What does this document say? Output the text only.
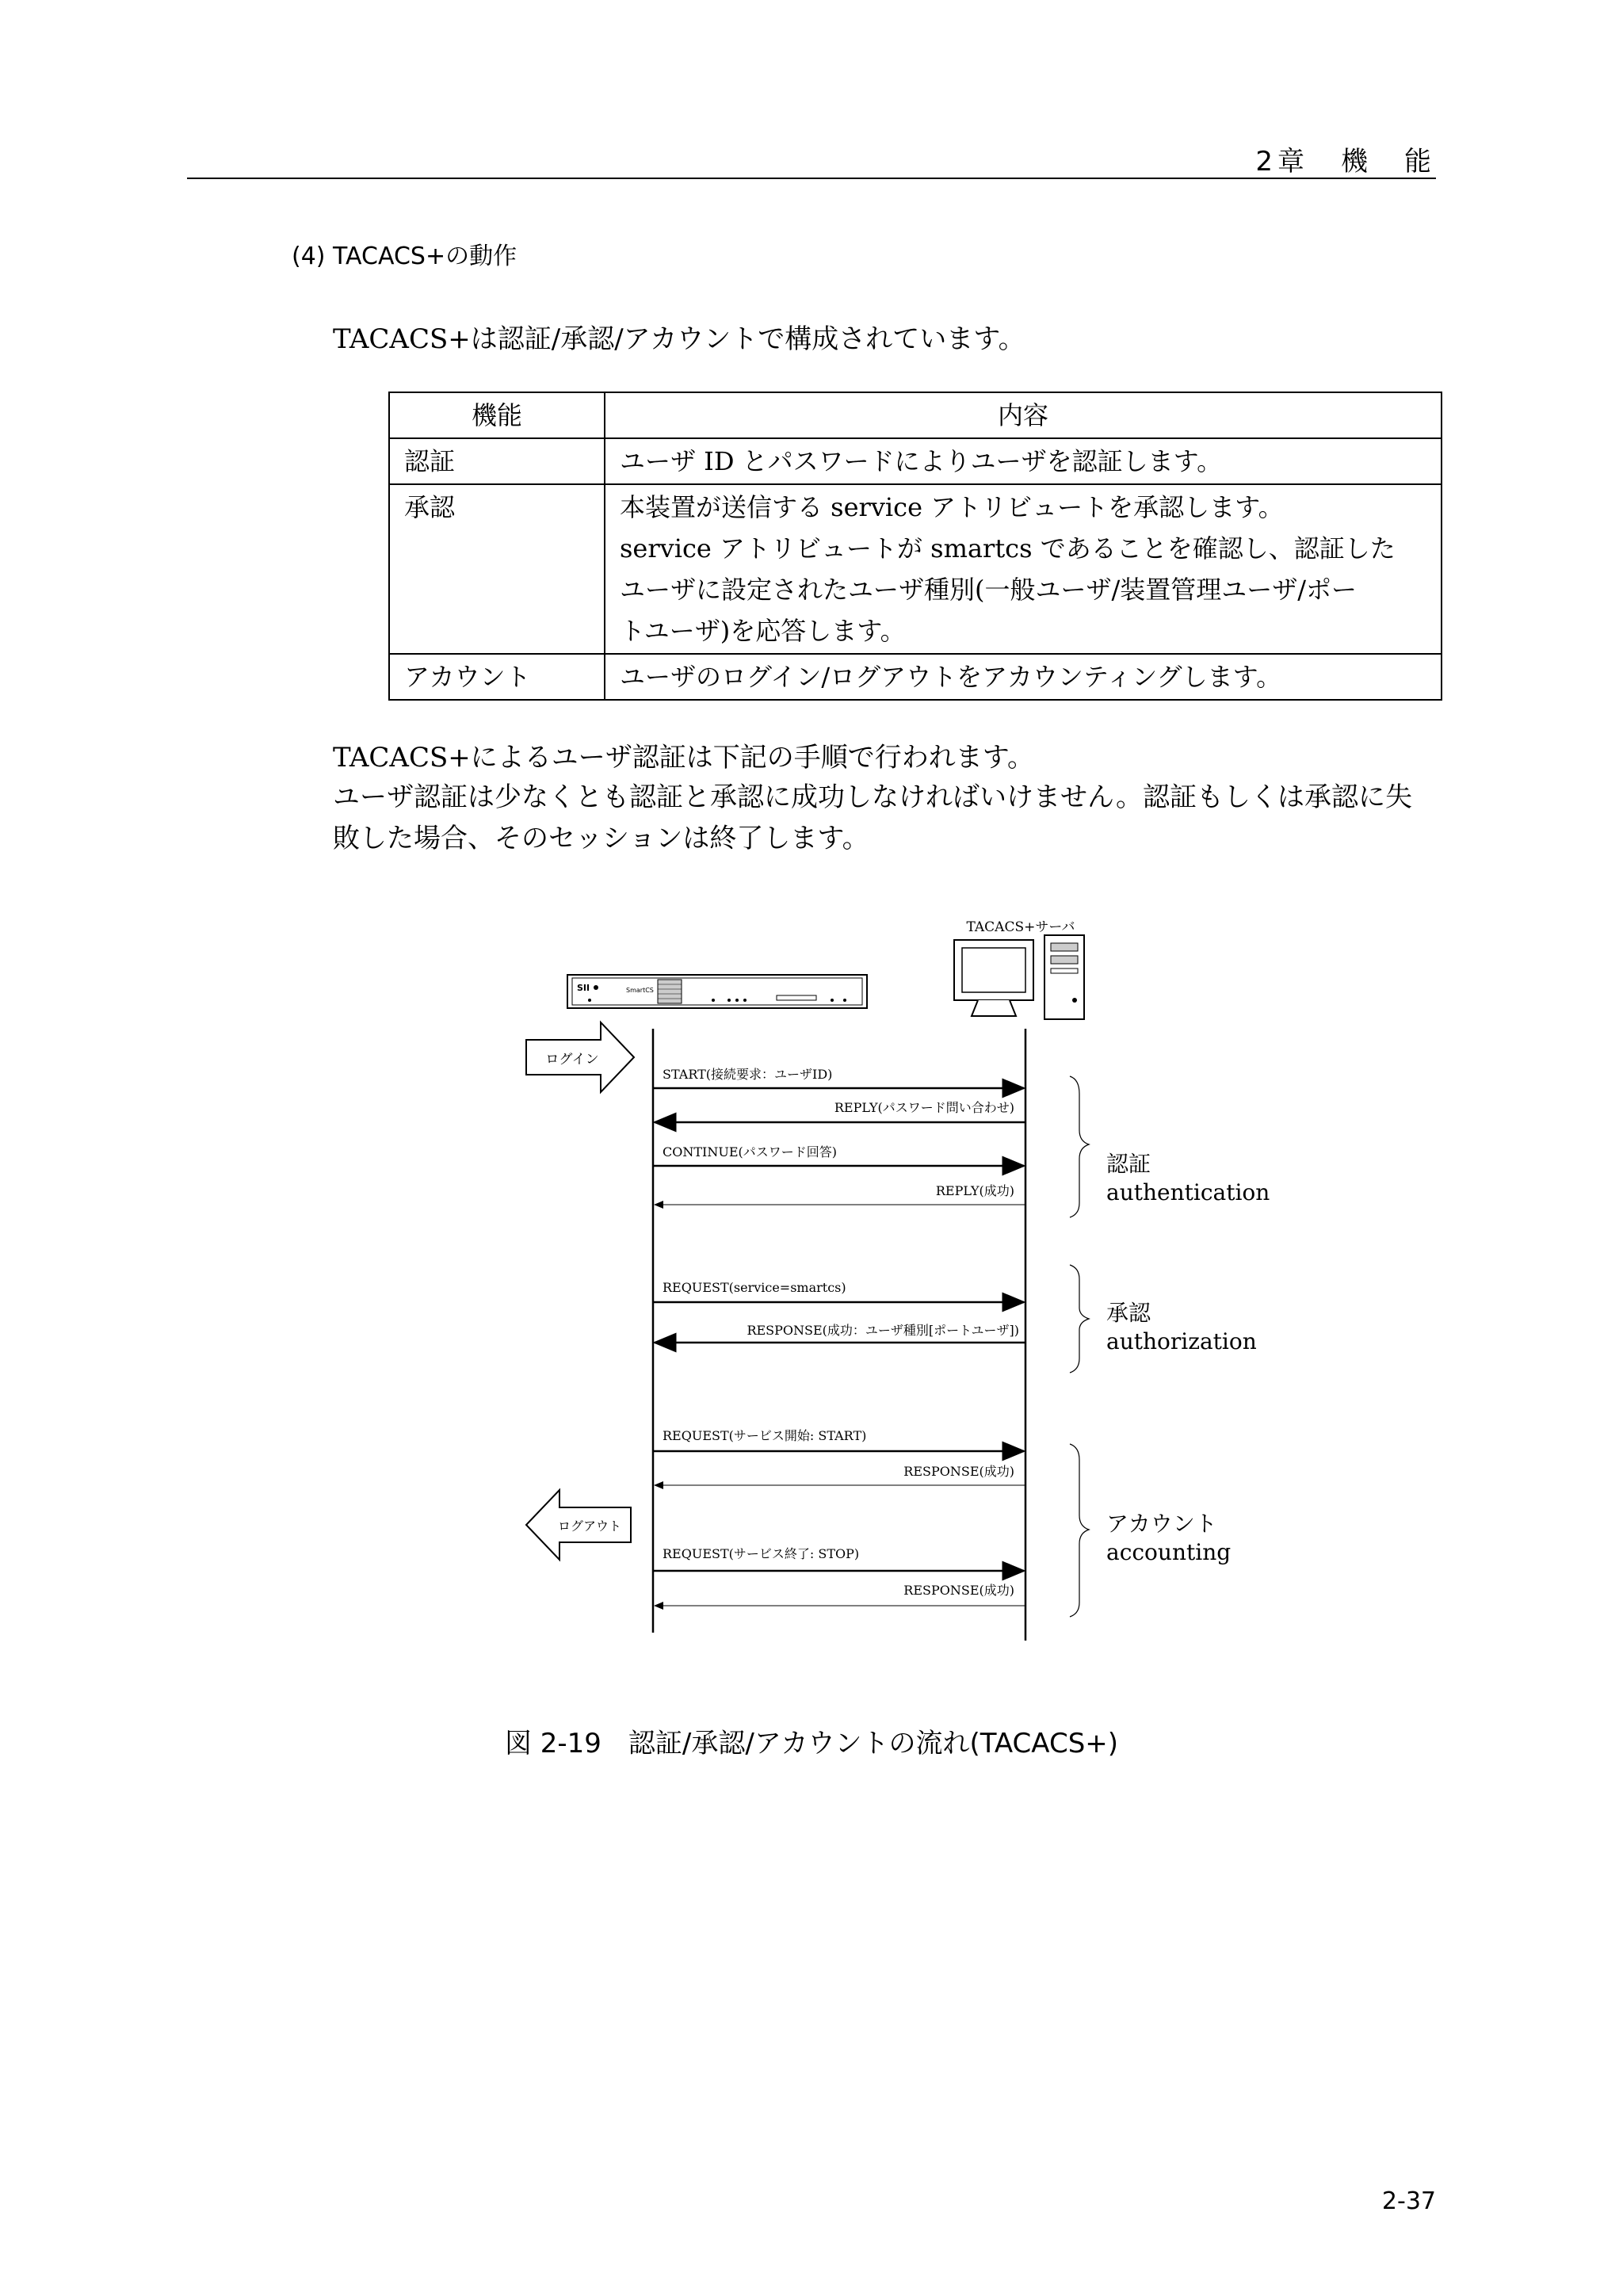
2章　機　能
(4) TACACS+の動作
TACACS+は認証/承認/アカウントで構成されています。
機能	内容
認証	ユーザ ID とパスワードによりユーザを認証します。

承認	本装置が送信する service アトリビュートを承認します。
service アトリビュートが smartcs であることを確認し、認証した
ユーザに設定されたユーザ種別(一般ユーザ/装置管理ユーザ/ポー
トユーザ)を応答します。

アカウント	ユーザのログイン/ログアウトをアカウンティングします。
TACACS+によるユーザ認証は下記の手順で行われます。
ユーザ認証は少なくとも認証と承認に成功しなければいけません。認証もしくは承認に失
敗した場合、そのセッションは終了します。
SII	SmartCS
TACACS+サーバ
ログイン
ログアウト
START(接続要求：ユーザID)
REPLY(パスワード問い合わせ)
CONTINUE(パスワード回答)
REPLY(成功)
REQUEST(service=smartcs)
RESPONSE(成功：ユーザ種別[ポートユーザ])
REQUEST(サービス開始: START)
RESPONSE(成功)
REQUEST(サービス終了: STOP)
RESPONSE(成功)
認証
authentication
承認
authorization
アカウント
accounting
図 2-19　認証/承認/アカウントの流れ(TACACS+)
2-37
